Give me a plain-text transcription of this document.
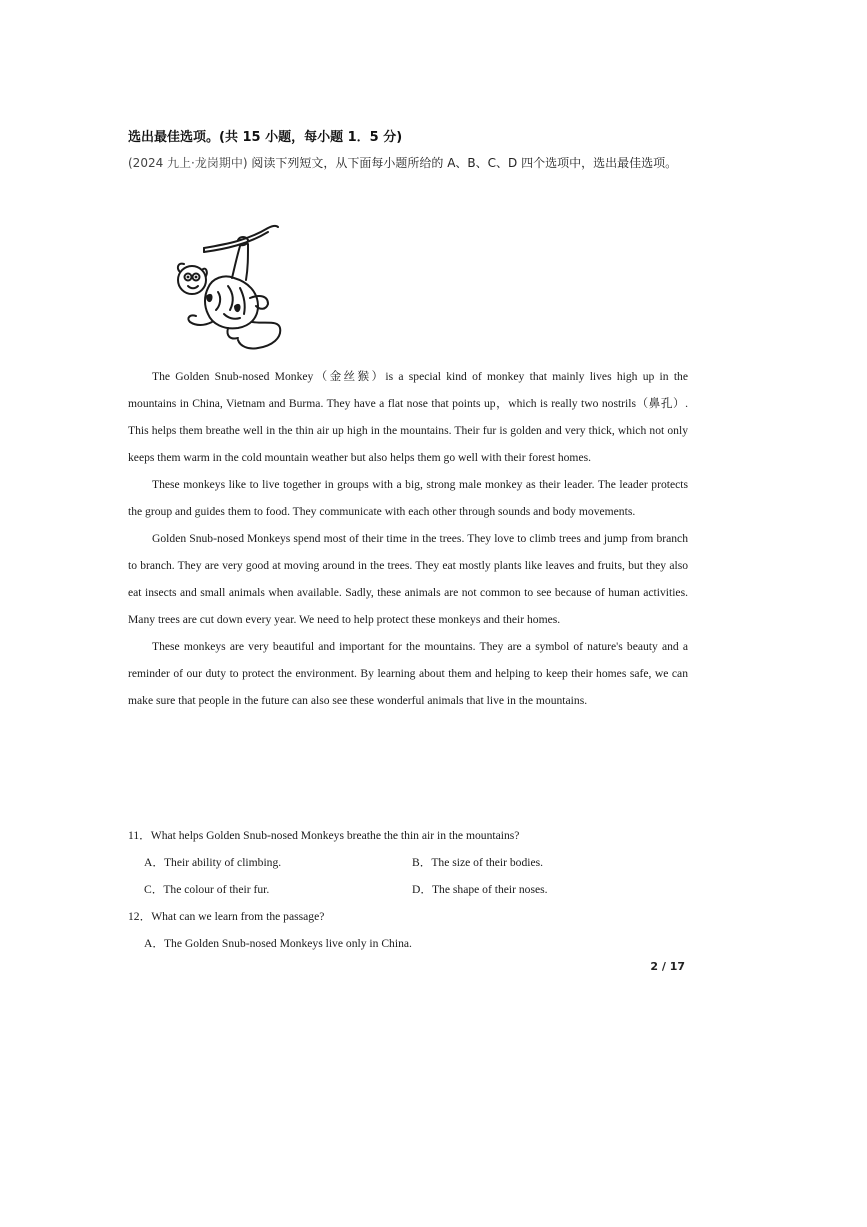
选出最佳选项。(共 15 小题，每小题 1．5 分)
(2024 九上·龙岗期中) 阅读下列短文，从下面每小题所给的 A、B、C、D 四个选项中，选出最佳选项。

The Golden Snub-nosed Monkey（金丝猴）is a special kind of monkey that mainly lives high up in the mountains in China, Vietnam and Burma. They have a flat nose that points up，which is really two nostrils（鼻孔）. This helps them breathe well in the thin air up high in the mountains. Their fur is golden and very thick, which not only keeps them warm in the cold mountain weather but also helps them go well with their forest homes.

These monkeys like to live together in groups with a big, strong male monkey as their leader. The leader protects the group and guides them to food. They communicate with each other through sounds and body movements.

Golden Snub-nosed Monkeys spend most of their time in the trees. They love to climb trees and jump from branch to branch. They are very good at moving around in the trees. They eat mostly plants like leaves and fruits, but they also eat insects and small animals when available. Sadly, these animals are not common to see because of human activities. Many trees are cut down every year. We need to help protect these monkeys and their homes.

These monkeys are very beautiful and important for the mountains. They are a symbol of nature's beauty and a reminder of our duty to protect the environment. By learning about them and helping to keep their homes safe, we can make sure that people in the future can also see these wonderful animals that live in the mountains.

11．What helps Golden Snub-nosed Monkeys breathe the thin air in the mountains?
A．Their ability of climbing.	B．The size of their bodies.
C．The colour of their fur.	D．The shape of their noses.
12．What can we learn from the passage?
A．The Golden Snub-nosed Monkeys live only in China.
2 / 17
